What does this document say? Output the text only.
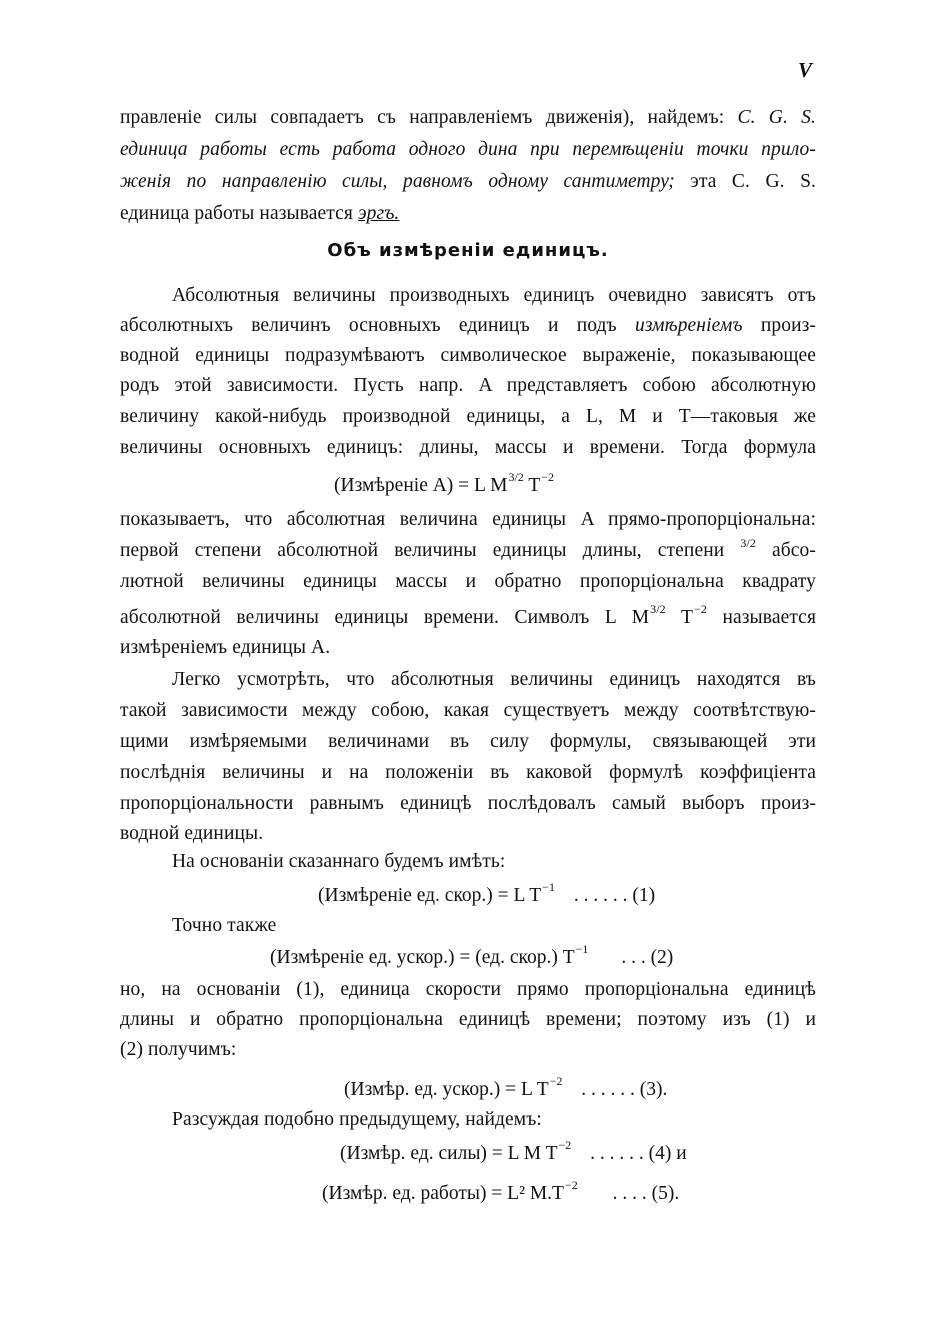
V
правленіе силы совпадаетъ съ направленіемъ движенія), найдемъ: C. G. S.
единица работы есть работа одного дина при перемѣщеніи точки прило-
женія по направленію силы, равномъ одному сантиметру; эта C. G. S.
единица работы называется эргъ.
Объ измѣреніи единицъ.
Абсолютныя величины производныхъ единицъ очевидно зависятъ отъ
абсолютныхъ величинъ основныхъ единицъ и подъ измѣреніемъ произ-
водной единицы подразумѣваютъ символическое выраженіе, показывающее
родъ этой зависимости. Пусть напр. A представляетъ собою абсолютную
величину какой-нибудь производной единицы, а L, M и T—таковыя же
величины основныхъ единицъ: длины, массы и времени. Тогда формула
(Измѣреніе A) = L $M^{3/2}$ $T^{-2}$
показываетъ, что абсолютная величина единицы A прямо-пропорціональна:
первой степени абсолютной величины единицы длины, степени $^{3/2}$ абсо-
лютной величины единицы массы и обратно пропорціональна квадрату
абсолютной величины единицы времени. Символъ L $M^{3/2}$ $T^{-2}$ называется
измѣреніемъ единицы A.
Легко усмотрѣть, что абсолютныя величины единицъ находятся въ
такой зависимости между собою, какая существуетъ между соотвѣтствую-
щими измѣряемыми величинами въ силу формулы, связывающей эти
послѣднія величины и на положеніи въ каковой формулѣ коэффиціента
пропорціональности равнымъ единицѣ послѣдовалъ самый выборъ произ-
водной единицы.
На основаніи сказаннаго будемъ имѣть:
(Измѣреніе ед. скор.) = L $T^{-1}$ . . . . . . (1)
Точно также
(Измѣреніе ед. ускор.) = (ед. скор.) $T^{-1}$ . . . (2)
но, на основаніи (1), единица скорости прямо пропорціональна единицѣ
длины и обратно пропорціональна единицѣ времени; поэтому изъ (1) и
(2) получимъ:
(Измѣр. ед. ускор.) = L $T^{-2}$ . . . . . . (3).
Разсуждая подобно предыдущему, найдемъ:
(Измѣр. ед. силы) = L M $T^{-2}$ . . . . . . (4) и
(Измѣр. ед. работы) = L² $M.T^{-2}$ . . . . (5).
